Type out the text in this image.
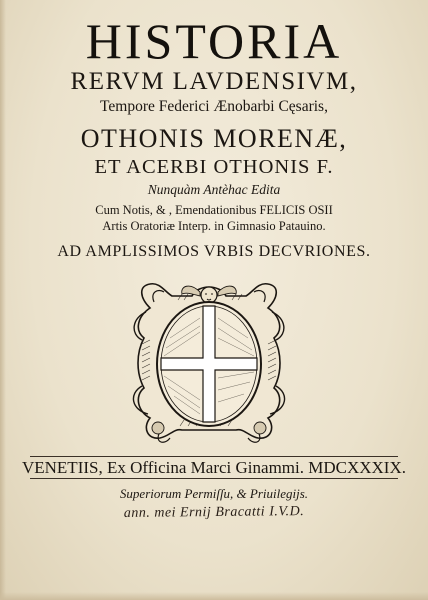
HISTORIA
RERVM LAVDENSIVM,
Tempore Federici Ænobarbi Cęsaris,
OTHONIS MORENÆ,
ET ACERBI OTHONIS F.
Nunquàm Antèhac Edita
Cum Notis, & , Emendationibus FELICIS OSII
Artis Oratoriæ Interp. in Gimnasio Patauino.
AD AMPLISSIMOS VRBIS DECVRIONES.
VENETIIS, Ex Officina Marci Ginammi. MDCXXXIX.
Superiorum Permiſſu, & Priuilegijs.
ann. mei Ernij Bracatti I.V.D.
